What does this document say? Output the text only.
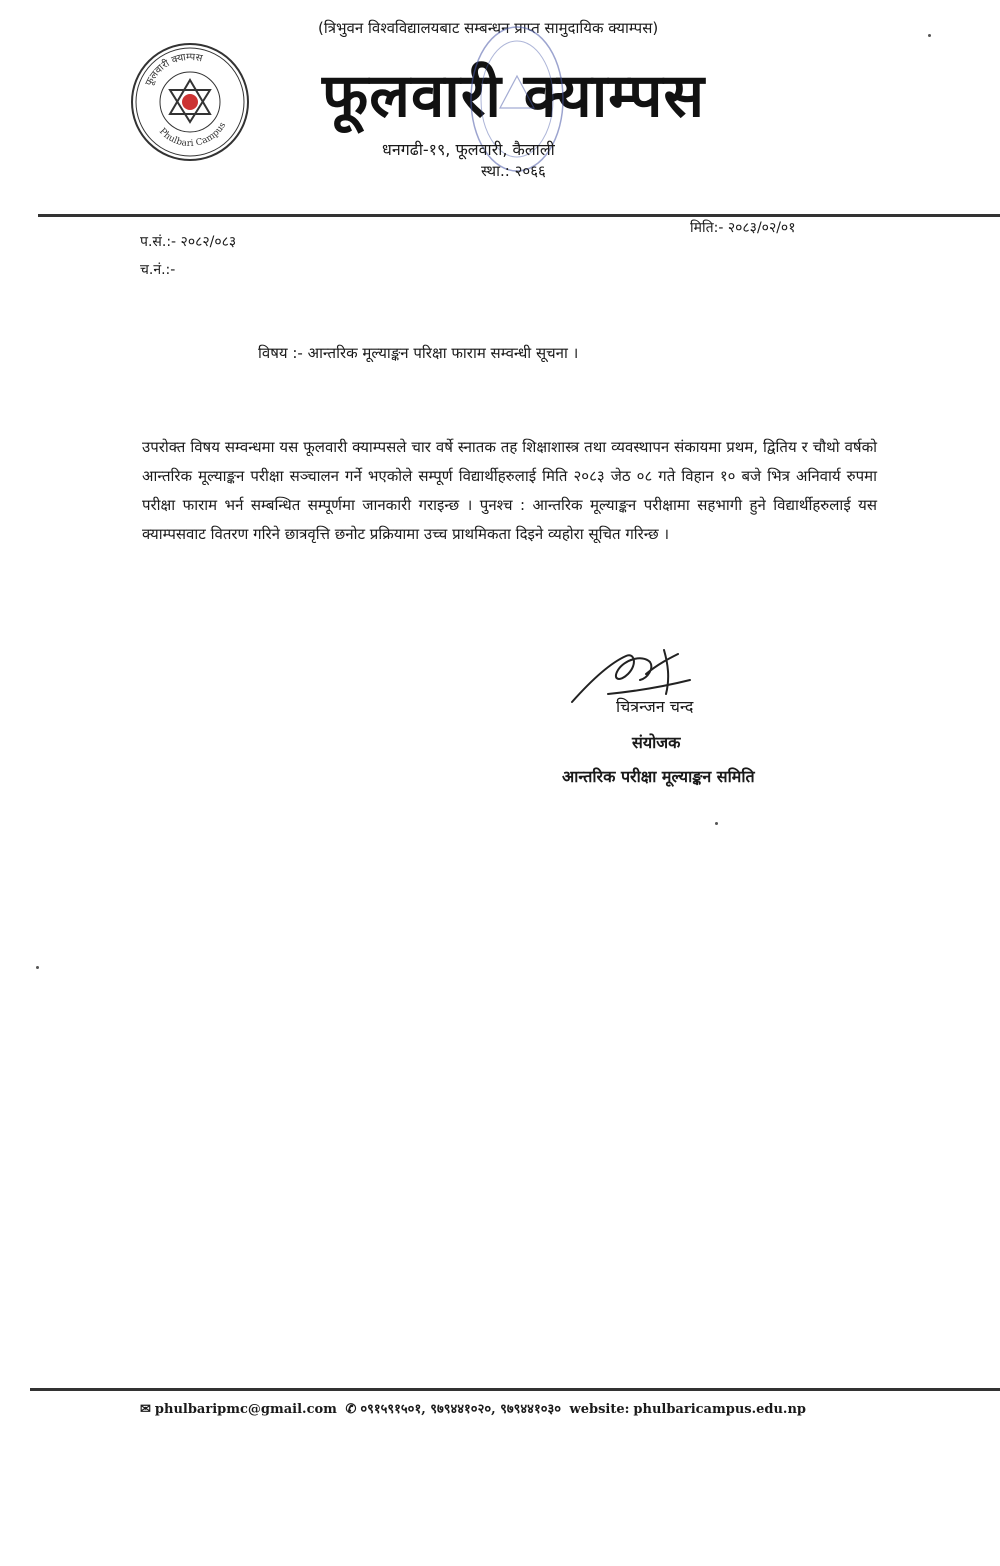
(त्रिभुवन विश्वविद्यालयबाट सम्बन्धन प्राप्त सामुदायिक क्याम्पस)
फूलवारी क्याम्पस
Phulbari Campus फूलवारी क्याम्पस
धनगढी-१९, फूलवारी, कैलाली
स्था.: २०६६
प.सं.:- २०८२/०८३
च.नं.:-
मिति:- २०८३/०२/०१
विषय :- आन्तरिक मूल्याङ्कन परिक्षा फाराम सम्वन्धी सूचना ।
उपरोक्त विषय सम्वन्धमा यस फूलवारी क्याम्पसले चार वर्षे स्नातक तह शिक्षाशास्त्र तथा व्यवस्थापन संकायमा प्रथम, द्वितिय र चौथो वर्षको आन्तरिक मूल्याङ्कन परीक्षा सञ्चालन गर्ने भएकोले सम्पूर्ण विद्यार्थीहरुलाई मिति २०८३ जेठ ०८ गते विहान १० बजे भित्र अनिवार्य रुपमा परीक्षा फाराम भर्न सम्बन्धित सम्पूर्णमा जानकारी गराइन्छ । पुनश्च : आन्तरिक मूल्याङ्कन परीक्षामा सहभागी हुने विद्यार्थीहरुलाई यस क्याम्पसवाट वितरण गरिने छात्रवृत्ति छनोट प्रक्रियामा उच्च प्राथमिकता दिइने व्यहोरा सूचित गरिन्छ ।
चित्रन्जन चन्द
संयोजक
आन्तरिक परीक्षा मूल्याङ्कन समिति
✉ phulbaripmc@gmail.com ✆ ०९१५९१५०१, ९७९४४१०२०, ९७९४४१०३० website: phulbaricampus.edu.np
